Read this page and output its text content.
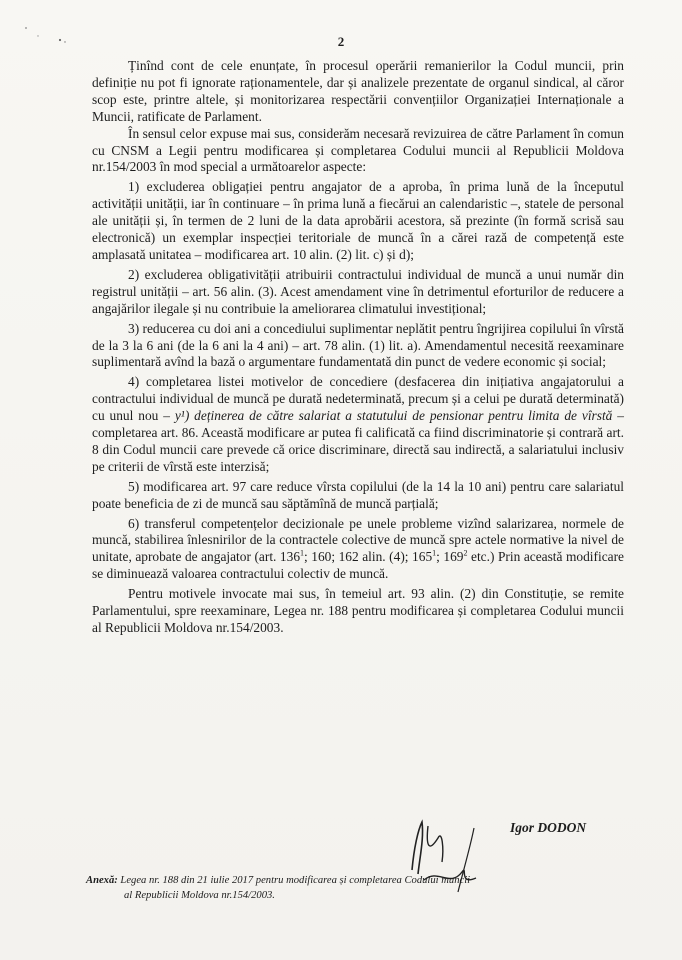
2

Ținînd cont de cele enunțate, în procesul operării remanierilor la Codul muncii, prin definiție nu pot fi ignorate raționamentele, dar și analizele prezentate de organul sindical, al căror scop este, printre altele, și monitorizarea respectării convențiilor Organizației Internaționale a Muncii, ratificate de Parlament.

În sensul celor expuse mai sus, considerăm necesară revizuirea de către Parlament în comun cu CNSM a Legii pentru modificarea și completarea Codului muncii al Republicii Moldova nr.154/2003 în mod special a următoarelor aspecte:

1) excluderea obligației pentru angajator de a aproba, în prima lună de la începutul activității unității, iar în continuare – în prima lună a fiecărui an calendaristic –, statele de personal ale unității și, în termen de 2 luni de la data aprobării acestora, să prezinte (în formă scrisă sau electronică) un exemplar inspecției teritoriale de muncă în a cărei rază de competență este amplasată unitatea – modificarea art. 10 alin. (2) lit. c) și d);

2) excluderea obligativității atribuirii contractului individual de muncă a unui număr din registrul unității – art. 56 alin. (3). Acest amendament vine în detrimentul eforturilor de reducere a angajărilor ilegale și nu contribuie la ameliorarea climatului investițional;

3) reducerea cu doi ani a concediului suplimentar neplătit pentru îngrijirea copilului în vîrstă de la 3 la 6 ani (de la 6 ani la 4 ani) – art. 78 alin. (1) lit. a). Amendamentul necesită reexaminare suplimentară avînd la bază o argumentare fundamentată din punct de vedere economic și social;

4) completarea listei motivelor de concediere (desfacerea din inițiativa angajatorului a contractului individual de muncă pe durată nedeterminată, precum și a celui pe durată determinată) cu unul nou – y¹) deținerea de către salariat a statutului de pensionar pentru limita de vîrstă – completarea art. 86. Această modificare ar putea fi calificată ca fiind discriminatorie și contrară art. 8 din Codul muncii care prevede că orice discriminare, directă sau indirectă, a salariatului inclusiv pe criterii de vîrstă este interzisă;

5) modificarea art. 97 care reduce vîrsta copilului (de la 14 la 10 ani) pentru care salariatul poate beneficia de zi de muncă sau săptămînă de muncă parțială;

6) transferul competențelor decizionale pe unele probleme vizînd salarizarea, normele de muncă, stabilirea înlesnirilor de la contractele colective de muncă spre actele normative la nivel de unitate, aprobate de angajator (art. $136^1$; 160; 162 alin. (4); $165^1$; $169^2$ etc.) Prin această modificare se diminuează valoarea contractului colectiv de muncă.

Pentru motivele invocate mai sus, în temeiul art. 93 alin. (2) din Constituție, se remite Parlamentului, spre reexaminare, Legea nr. 188 pentru modificarea și completarea Codului muncii al Republicii Moldova nr.154/2003.

Igor DODON
Anexă: Legea nr. 188 din 21 iulie 2017 pentru modificarea și completarea Codului muncii
al Republicii Moldova nr.154/2003.
